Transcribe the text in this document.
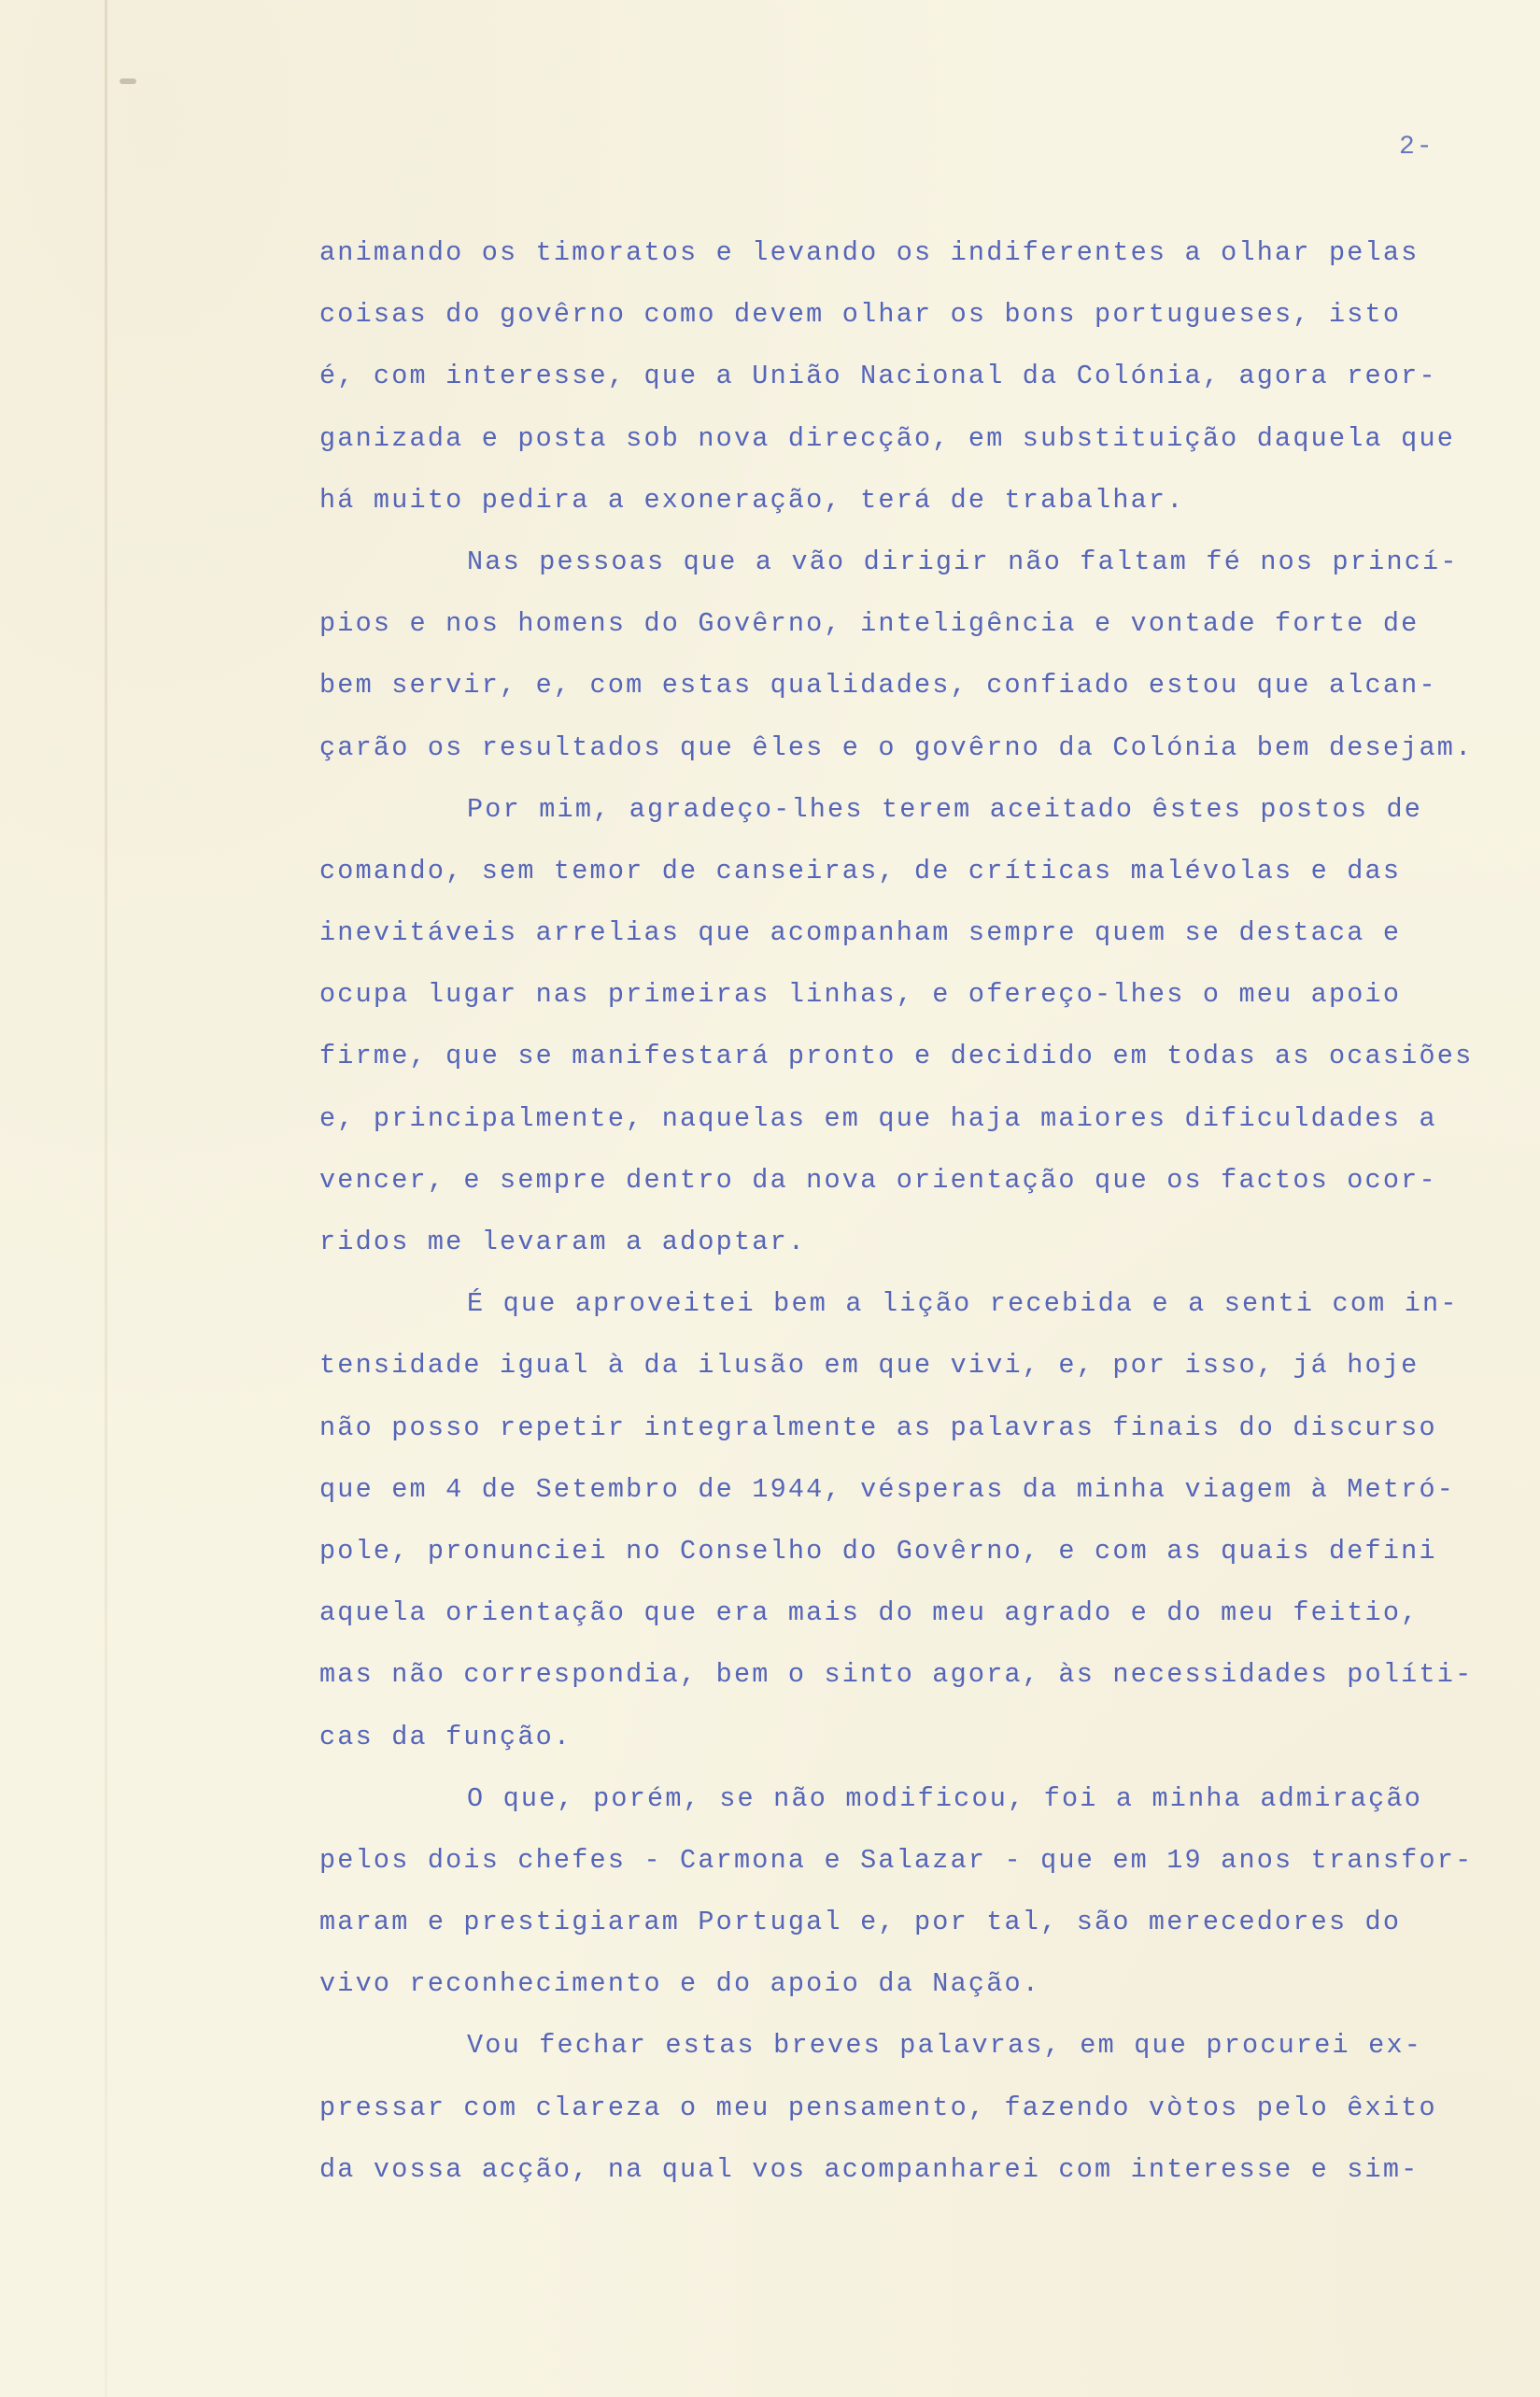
2-
animando os timoratos e levando os indiferentes a olhar pelas
coisas do govêrno como devem olhar os bons portugueses, isto
é, com interesse, que a União Nacional da Colónia, agora reor-
ganizada e posta sob nova direcção, em substituição daquela que
há muito pedira a exoneração, terá de trabalhar.
Nas pessoas que a vão dirigir não faltam fé nos princí-
pios e nos homens do Govêrno, inteligência e vontade forte de
bem servir, e, com estas qualidades, confiado estou que alcan-
çarão os resultados que êles e o govêrno da Colónia bem desejam.
Por mim, agradeço-lhes terem aceitado êstes postos de
comando, sem temor de canseiras, de críticas malévolas e das
inevitáveis arrelias que acompanham sempre quem se destaca e
ocupa lugar nas primeiras linhas, e ofereço-lhes o meu apoio
firme, que se manifestará pronto e decidido em todas as ocasiões
e, principalmente, naquelas em que haja maiores dificuldades a
vencer, e sempre dentro da nova orientação que os factos ocor-
ridos me levaram a adoptar.
É que aproveitei bem a lição recebida e a senti com in-
tensidade igual à da ilusão em que vivi, e, por isso, já hoje
não posso repetir integralmente as palavras finais do discurso
que em 4 de Setembro de 1944, vésperas da minha viagem à Metró-
pole, pronunciei no Conselho do Govêrno, e com as quais defini
aquela orientação que era mais do meu agrado e do meu feitio,
mas não correspondia, bem o sinto agora, às necessidades políti-
cas da função.
O que, porém, se não modificou, foi a minha admiração
pelos dois chefes - Carmona e Salazar - que em 19 anos transfor-
maram e prestigiaram Portugal e, por tal, são merecedores do
vivo reconhecimento e do apoio da Nação.
Vou fechar estas breves palavras, em que procurei ex-
pressar com clareza o meu pensamento, fazendo vòtos pelo êxito
da vossa acção, na qual vos acompanharei com interesse e sim-
